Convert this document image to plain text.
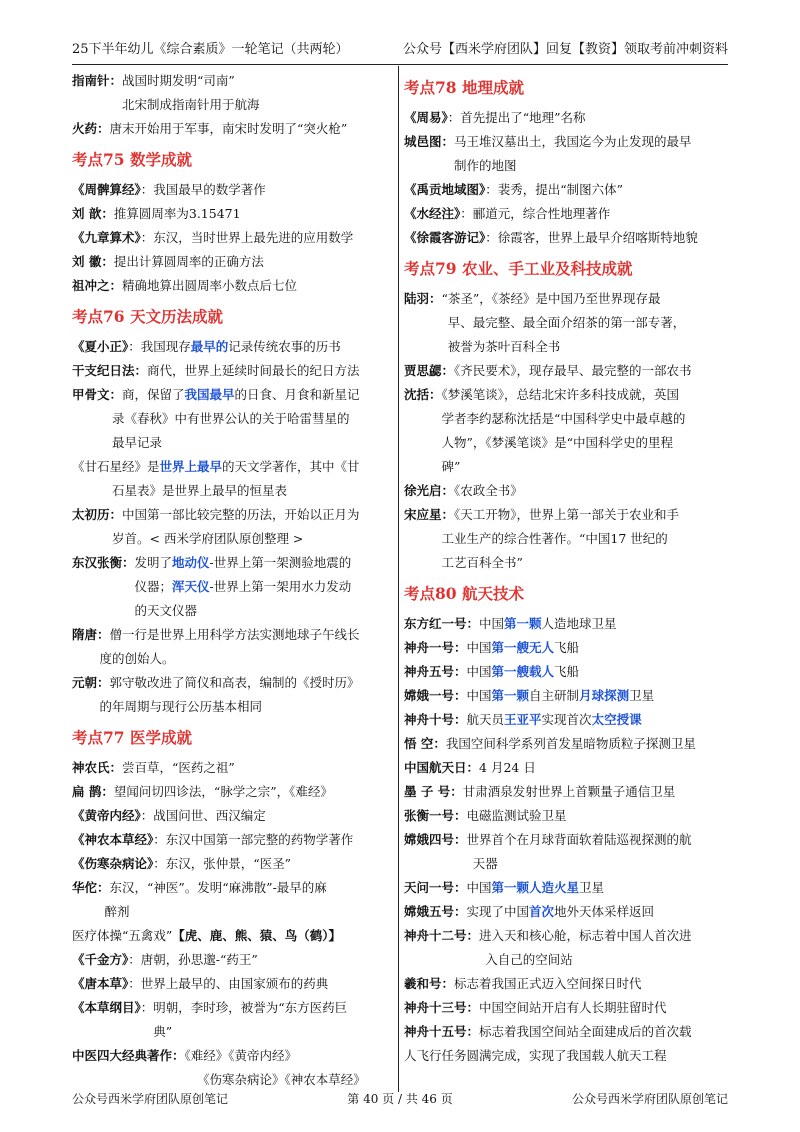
25下半年幼儿《综合素质》一轮笔记（共两轮）	公众号【西米学府团队】回复【教资】领取考前冲刺资料
指南针：战国时期发明“司南”
北宋制成指南针用于航海
火药：唐末开始用于军事，南宋时发明了“突火枪”
考点75 数学成就
《周髀算经》：我国最早的数学著作
刘 歆：推算圆周率为3.15471
《九章算术》：东汉，当时世界上最先进的应用数学
刘 徽：提出计算圆周率的正确方法
祖冲之：精确地算出圆周率小数点后七位
考点76 天文历法成就
《夏小正》：我国现存最早的记录传统农事的历书
干支纪日法：商代，世界上延续时间最长的纪日方法
甲骨文：商，保留了我国最早的日食、月食和新星记
录《春秋》中有世界公认的关于哈雷彗星的
最早记录
《甘石星经》是世界上最早的天文学著作，其中《甘
石星表》是世界上最早的恒星表
太初历：中国第一部比较完整的历法，开始以正月为
岁首。< 西米学府团队原创整理 >
东汉张衡：发明了地动仪-世界上第一架测验地震的
仪器；浑天仪-世界上第一架用水力发动
的天文仪器
隋唐：僧一行是世界上用科学方法实测地球子午线长
度的创始人。
元朝：郭守敬改进了简仪和高表，编制的《授时历》
的年周期与现行公历基本相同
考点77 医学成就
神农氏：尝百草，“医药之祖”
扁 鹊：望闻问切四诊法，“脉学之宗”，《难经》
《黄帝内经》：战国问世、西汉编定
《神农本草经》：东汉中国第一部完整的药物学著作
《伤寒杂病论》：东汉，张仲景，“医圣”
华佗：东汉，“神医”。发明“麻沸散”-最早的麻
醉剂
医疗体操“五禽戏”【虎、鹿、熊、猿、鸟（鹤）】
《千金方》：唐朝，孙思邈-“药王”
《唐本草》：世界上最早的、由国家颁布的药典
《本草纲目》：明朝，李时珍，被誉为“东方医药巨
典”
中医四大经典著作：《难经》《黄帝内经》
《伤寒杂病论》《神农本草经》
考点78 地理成就
《周易》：首先提出了“地理”名称
城邑图：马王堆汉墓出土，我国迄今为止发现的最早
制作的地图
《禹贡地域图》：裴秀，提出“制图六体”
《水经注》：郦道元，综合性地理著作
《徐霞客游记》：徐霞客，世界上最早介绍喀斯特地貌
考点79 农业、手工业及科技成就
陆羽：“茶圣”，《茶经》是中国乃至世界现存最
早、最完整、最全面介绍茶的第一部专著，
被誉为茶叶百科全书
贾思勰：《齐民要术》，现存最早、最完整的一部农书
沈括：《梦溪笔谈》，总结北宋许多科技成就，英国
学者李约瑟称沈括是“中国科学史中最卓越的
人物”，《梦溪笔谈》是“中国科学史的里程
碑”
徐光启：《农政全书》
宋应星：《天工开物》，世界上第一部关于农业和手
工业生产的综合性著作。“中国17 世纪的
工艺百科全书”
考点80 航天技术
东方红一号：中国第一颗人造地球卫星
神舟一号：中国第一艘无人飞船
神舟五号：中国第一艘载人飞船
嫦娥一号：中国第一颗自主研制月球探测卫星
神舟十号：航天员王亚平实现首次太空授课
悟 空：我国空间科学系列首发星暗物质粒子探测卫星
中国航天日：4 月24 日
墨 子 号：甘肃酒泉发射世界上首颗量子通信卫星
张衡一号：电磁监测试验卫星
嫦娥四号：世界首个在月球背面软着陆巡视探测的航
天器
天问一号：中国第一颗人造火星卫星
嫦娥五号：实现了中国首次地外天体采样返回
神舟十二号：进入天和核心舱，标志着中国人首次进
入自己的空间站
羲和号：标志着我国正式迈入空间探日时代
神舟十三号：中国空间站开启有人长期驻留时代
神舟十五号：标志着我国空间站全面建成后的首次载
人飞行任务圆满完成，实现了我国载人航天工程
公众号西米学府团队原创笔记	第 40 页 / 共 46 页	公众号西米学府团队原创笔记
